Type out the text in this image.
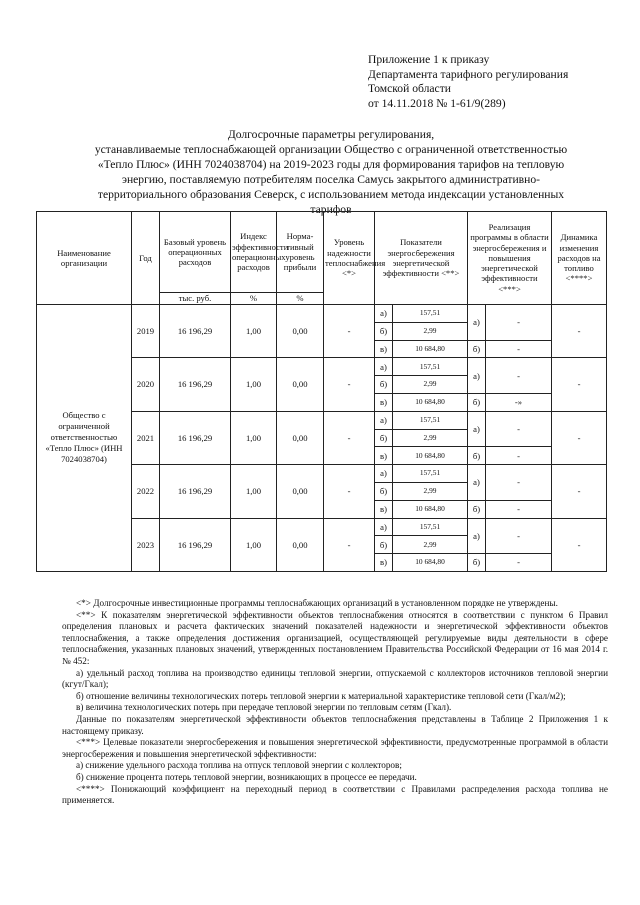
Приложение 1 к приказу
Департамента тарифного регулирования
Томской области
от 14.11.2018 № 1-61/9(289)
Долгосрочные параметры регулирования,
устанавливаемые теплоснабжающей организации Общество с ограниченной ответственностью
«Тепло Плюс» (ИНН 7024038704) на 2019-2023 годы для формирования тарифов на тепловую
энергию, поставляемую потребителям поселка Самусь закрытого административно-
территориального образования Северск, с использованием метода индексации установленных
тарифов
Наименование организации	Год	Базовый уровень операционных расходов	Индекс эффективности операционных расходов	Норма-тивный уровень прибыли	Уровень надежности теплоснабжения <*>	Показатели энергосбережения энергетической эффективности <**>		Реализация программы в области энергосбережения и повышения энергетической эффективности <***>		Динамика изменения расходов на топливо <****>
		тыс. руб.	%	%						
Общество с ограниченной ответственностью «Тепло Плюс» (ИНН 7024038704)	2019	16 196,29	1,00	0,00	-	а)	157,51	а)	-	-
						б)	2,99			
						в)	10 684,80	б)	-	
	2020	16 196,29	1,00	0,00	-	а)	157,51	а)	-	-
						б)	2,99			
						в)	10 684,80	б)	-»	
	2021	16 196,29	1,00	0,00	-	а)	157,51	а)	-	-
						б)	2,99			
						в)	10 684,80	б)	-	
	2022	16 196,29	1,00	0,00	-	а)	157,51	а)	-	-
						б)	2,99			
						в)	10 684,80	б)	-	
	2023	16 196,29	1,00	0,00	-	а)	157,51	а)	-	-
						б)	2,99			
						в)	10 684,80	б)	-	

<*> Долгосрочные инвестиционные программы теплоснабжающих организаций в установленном порядке не утверждены.

<**> К показателям энергетической эффективности объектов теплоснабжения относятся в соответствии с пунктом 6 Правил определения плановых и расчета фактических значений показателей надежности и энергетической эффективности объектов теплоснабжения, а также определения достижения организацией, осуществляющей регулируемые виды деятельности в сфере теплоснабжения, указанных плановых значений, утвержденных постановлением Правительства Российской Федерации от 16 мая 2014 г. № 452:

а) удельный расход топлива на производство единицы тепловой энергии, отпускаемой с коллекторов источников тепловой энергии (кгут/Гкал);

б) отношение величины технологических потерь тепловой энергии к материальной характеристике тепловой сети (Гкал/м2);

в) величина технологических потерь при передаче тепловой энергии по тепловым сетям (Гкал).

Данные по показателям энергетической эффективности объектов теплоснабжения представлены в Таблице 2 Приложения 1 к настоящему приказу.

<***> Целевые показатели энергосбережения и повышения энергетической эффективности, предусмотренные программой в области энергосбережения и повышения энергетической эффективности:

а) снижение удельного расхода топлива на отпуск тепловой энергии с коллекторов;

б) снижение процента потерь тепловой энергии, возникающих в процессе ее передачи.

<****> Понижающий коэффициент на переходный период в соответствии с Правилами распределения расхода топлива не применяется.
